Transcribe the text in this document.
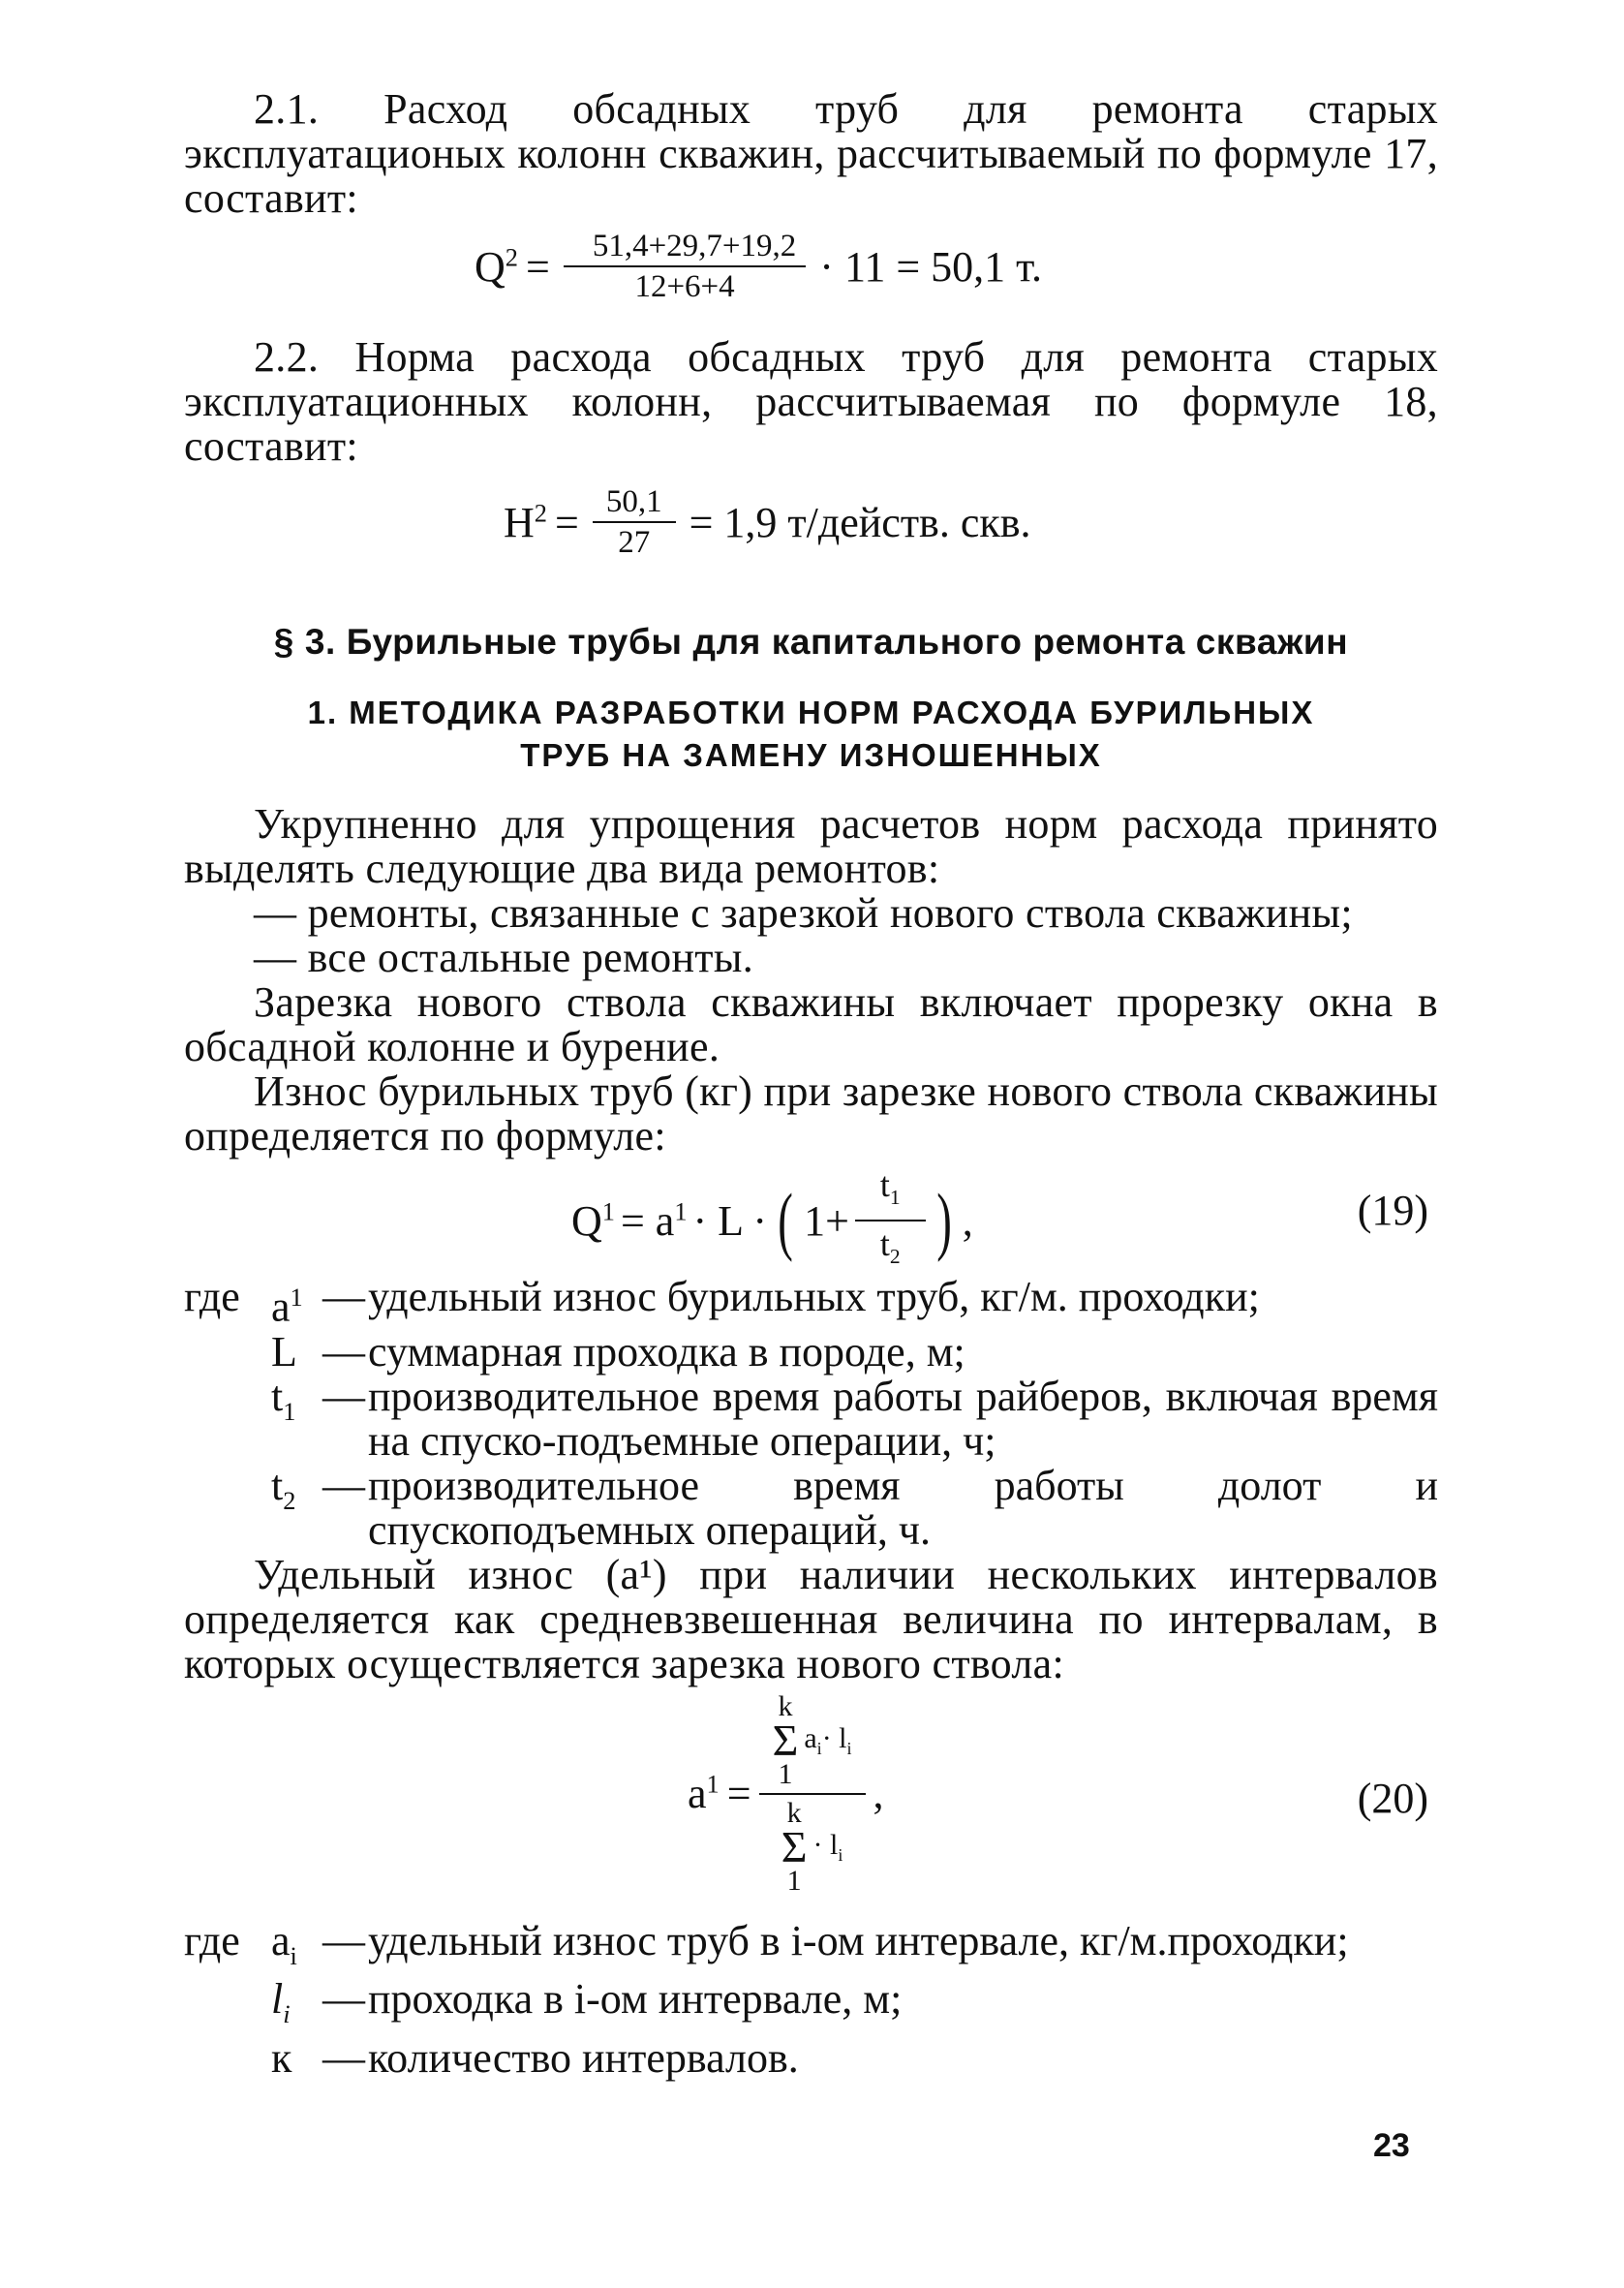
2.1. Расход обсадных труб для ремонта старых эксплуатационых колонн скважин, рассчитываемый по формуле 17, составит:

$Q^2 = \frac{51,4+29,7+19,2}{12+6+4} \cdot 11 = 50,1$ т.

2.2. Норма расхода обсадных труб для ремонта старых эксплуатационных колонн, рассчитываемая по формуле 18, составит:

$Н^2 = \frac{50,1}{27} = 1,9$ т/действ. скв.

§ 3. Бурильные трубы для капитального ремонта скважин

1. МЕТОДИКА РАЗРАБОТКИ НОРМ РАСХОДА БУРИЛЬНЫХ

ТРУБ НА ЗАМЕНУ ИЗНОШЕННЫХ

Укрупненно для упрощения расчетов норм расхода принято выделять следующие два вида ремонтов:

— ремонты, связанные с зарезкой нового ствола скважины;

— все остальные ремонты.

Зарезка нового ствола скважины включает прорезку окна в обсадной колонне и бурение.

Износ бурильных труб (кг) при зарезке нового ствола скважины определяется по формуле:

$Q^1 = a^1 \cdot L$ · ( $1+ \frac{t_1}{t_2}$ ) ,	(19)
где $a^1$ — удельный износ бурильных труб, кг/м. проходки;
L — суммарная проходка в породе, м;
$t_1$ — производительное время работы райберов, включая время на спуско-подъемные операции, ч;
$t_2$ — производительное время работы долот и спускоподъемных операций, ч.

Удельный износ (a¹) при наличии нескольких интервалов определяется как средневзвешенная величина по интервалам, в которых осуществляется зарезка нового ствола:

$a^1 = k$
Σ
1
$a_i\cdot l_i$
k
Σ
1
· $l_i$ ,	(20)
где $a_i$ — удельный износ труб в i-ом интервале, кг/м.проходки;
$l_i$ — проходка в i-ом интервале, м;
к — количество интервалов.
23
